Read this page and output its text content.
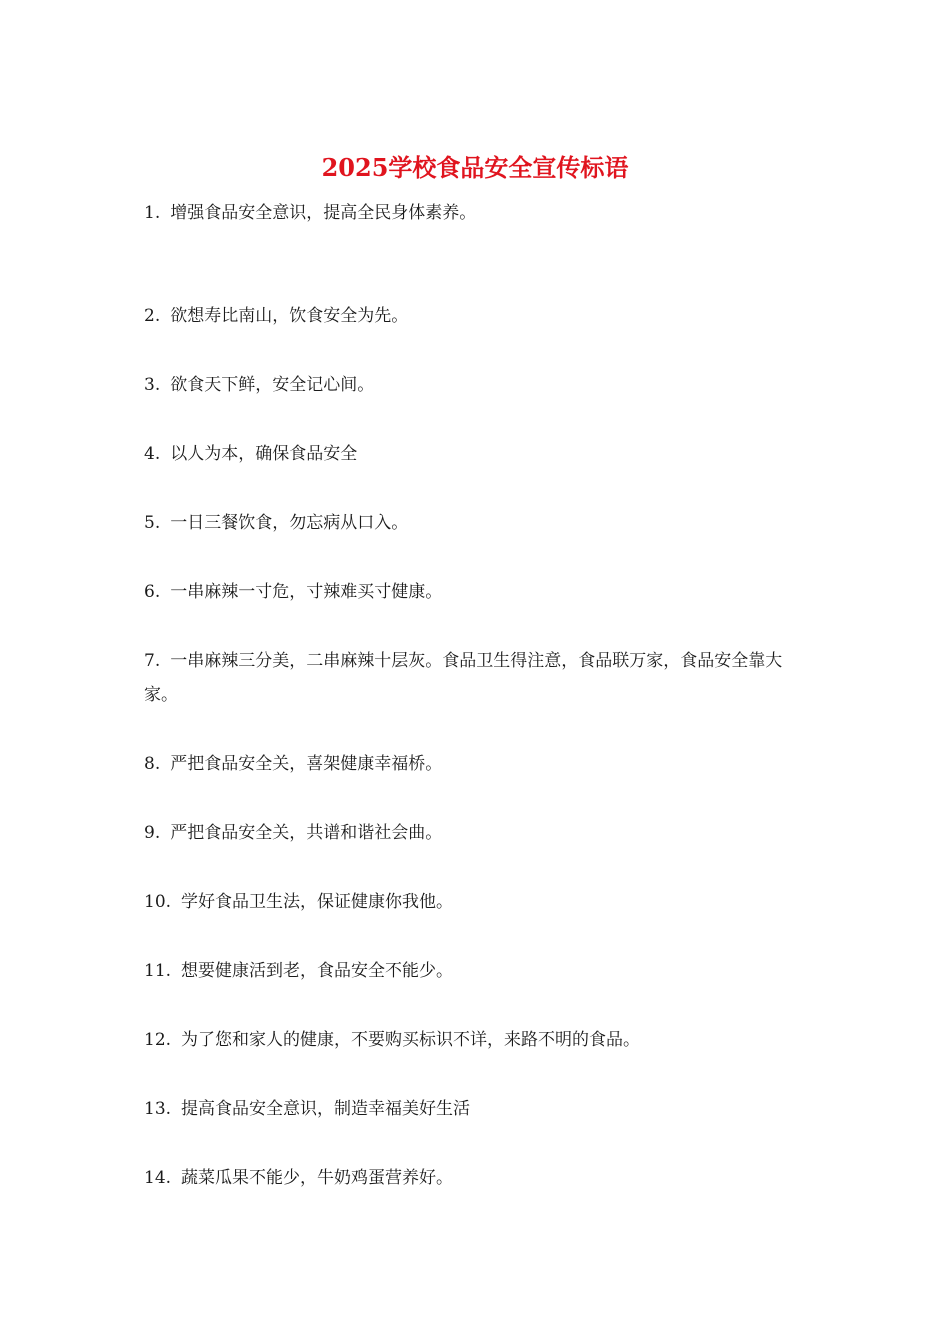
2025学校食品安全宣传标语
1. 增强食品安全意识，提高全民身体素养。
2. 欲想寿比南山，饮食安全为先。
3. 欲食天下鲜，安全记心间。
4. 以人为本，确保食品安全
5. 一日三餐饮食，勿忘病从口入。
6. 一串麻辣一寸危，寸辣难买寸健康。
7. 一串麻辣三分美，二串麻辣十层灰。食品卫生得注意，食品联万家，食品安全靠大家。
8. 严把食品安全关，喜架健康幸福桥。
9. 严把食品安全关，共谱和谐社会曲。
10. 学好食品卫生法，保证健康你我他。
11. 想要健康活到老，食品安全不能少。
12. 为了您和家人的健康，不要购买标识不详，来路不明的食品。
13. 提高食品安全意识，制造幸福美好生活
14. 蔬菜瓜果不能少，牛奶鸡蛋营养好。
